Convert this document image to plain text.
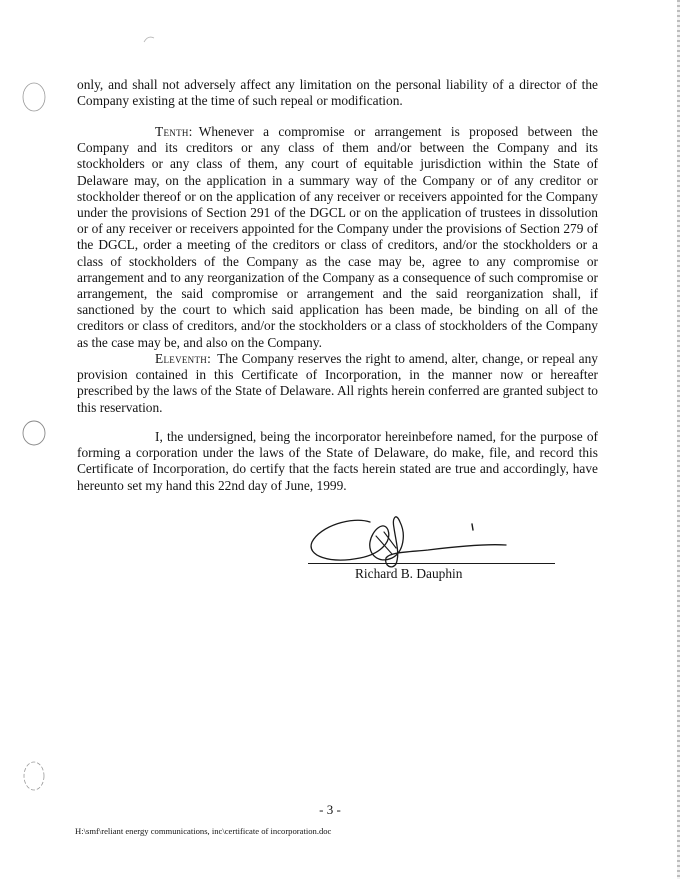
only, and shall not adversely affect any limitation on the personal liability of a director of the Company existing at the time of such repeal or modification.

Tenth: Whenever a compromise or arrangement is proposed between the Company and its creditors or any class of them and/or between the Company and its stockholders or any class of them, any court of equitable jurisdiction within the State of Delaware may, on the application in a summary way of the Company or of any creditor or stockholder thereof or on the application of any receiver or receivers appointed for the Company under the provisions of Section 291 of the DGCL or on the application of trustees in dissolution or of any receiver or receivers appointed for the Company under the provisions of Section 279 of the DGCL, order a meeting of the creditors or class of creditors, and/or the stockholders or a class of stockholders of the Company as the case may be, agree to any compromise or arrangement and to any reorganization of the Company as a consequence of such compromise or arrangement, the said compromise or arrangement and the said reorganization shall, if sanctioned by the court to which said application has been made, be binding on all of the creditors or class of creditors, and/or the stockholders or a class of stockholders of the Company as the case may be, and also on the Company.

Eleventh: The Company reserves the right to amend, alter, change, or repeal any provision contained in this Certificate of Incorporation, in the manner now or hereafter prescribed by the laws of the State of Delaware. All rights herein conferred are granted subject to this reservation.

I, the undersigned, being the incorporator hereinbefore named, for the purpose of forming a corporation under the laws of the State of Delaware, do make, file, and record this Certificate of Incorporation, do certify that the facts herein stated are true and accordingly, have hereunto set my hand this 22nd day of June, 1999.

Richard B. Dauphin
- 3 -
H:\smf\reliant energy communications, inc\certificate of incorporation.doc
